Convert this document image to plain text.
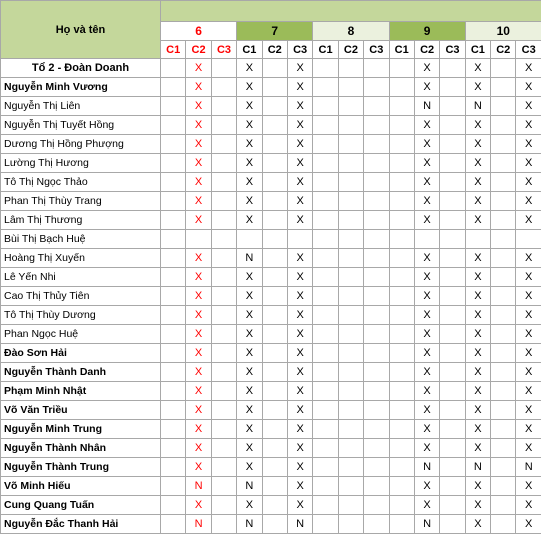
Họ và tên															
	6			7			8			9			10		
	C1	C2	C3	C1	C2	C3	C1	C2	C3	C1	C2	C3	C1	C2	C3
Tổ 2 - Đoàn Doanh		X		X		X					X		X		X
Nguyễn Minh Vương		X		X		X					X		X		X
Nguyễn Thị Liên		X		X		X					N		N		X
Nguyễn Thị Tuyết Hồng		X		X		X					X		X		X
Dương Thị Hồng Phượng		X		X		X					X		X		X
Lường Thị Hương		X		X		X					X		X		X
Tô Thị Ngọc Thảo		X		X		X					X		X		X
Phan Thị Thùy Trang		X		X		X					X		X		X
Lâm Thị Thương		X		X		X					X		X		X
Bùi Thị Bạch Huệ															
Hoàng Thị Xuyến		X		N		X					X		X		X
Lê Yến Nhi		X		X		X					X		X		X
Cao Thị Thủy Tiên		X		X		X					X		X		X
Tô Thị Thùy Dương		X		X		X					X		X		X
Phan Ngọc Huệ		X		X		X					X		X		X
Đào Sơn Hải		X		X		X					X		X		X
Nguyễn Thành Danh		X		X		X					X		X		X
Phạm Minh Nhật		X		X		X					X		X		X
Võ Văn Triều		X		X		X					X		X		X
Nguyễn Minh Trung		X		X		X					X		X		X
Nguyễn Thành Nhân		X		X		X					X		X		X
Nguyễn Thành Trung		X		X		X					N		N		N
Võ Minh Hiếu		N		N		X					X		X		X
Cung Quang Tuấn		X		X		X					X		X		X
Nguyễn Đắc Thanh Hải		N		N		N					N		X		X
